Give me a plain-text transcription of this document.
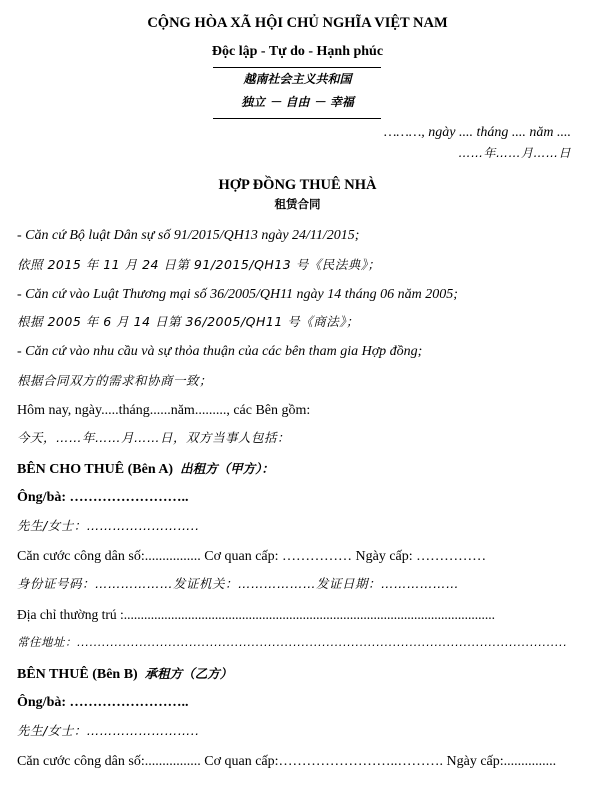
CỘNG HÒA XÃ HỘI CHỦ NGHĨA VIỆT NAM
Độc lập - Tự do - Hạnh phúc
越南社会主义共和国
独立 － 自由 － 幸福
………, ngày .... tháng .... năm ....
……年……月……日
HỢP ĐỒNG THUÊ NHÀ
租赁合同
- Căn cứ Bộ luật Dân sự số 91/2015/QH13 ngày 24/11/2015;
依照 2015 年 11 月 24 日第 91/2015/QH13 号《民法典》；
- Căn cứ vào Luật Thương mại số 36/2005/QH11 ngày 14 tháng 06 năm 2005;
根据 2005 年 6 月 14 日第 36/2005/QH11 号《商法》；
- Căn cứ vào nhu cầu và sự thỏa thuận của các bên tham gia Hợp đồng;
根据合同双方的需求和协商一致；
Hôm nay, ngày.....tháng......năm........., các Bên gồm:
今天，……年……月……日，双方当事人包括：
BÊN CHO THUÊ (Bên A) 出租方（甲方）：
Ông/bà: ……………………..
先生/女士：……………………..
Căn cước công dân số:................ Cơ quan cấp: …………… Ngày cấp: ……………
身份证号码：………………发证机关：………………发证日期：………………
Địa chỉ thường trú :..............................................................................................................
常住地址：......................................................................................................................
BÊN THUÊ (Bên B) 承租方（乙方）
Ông/bà: ……………………..
先生/女士：……………………..
Căn cước công dân số:................ Cơ quan cấp:……………………..………. Ngày cấp:...............
